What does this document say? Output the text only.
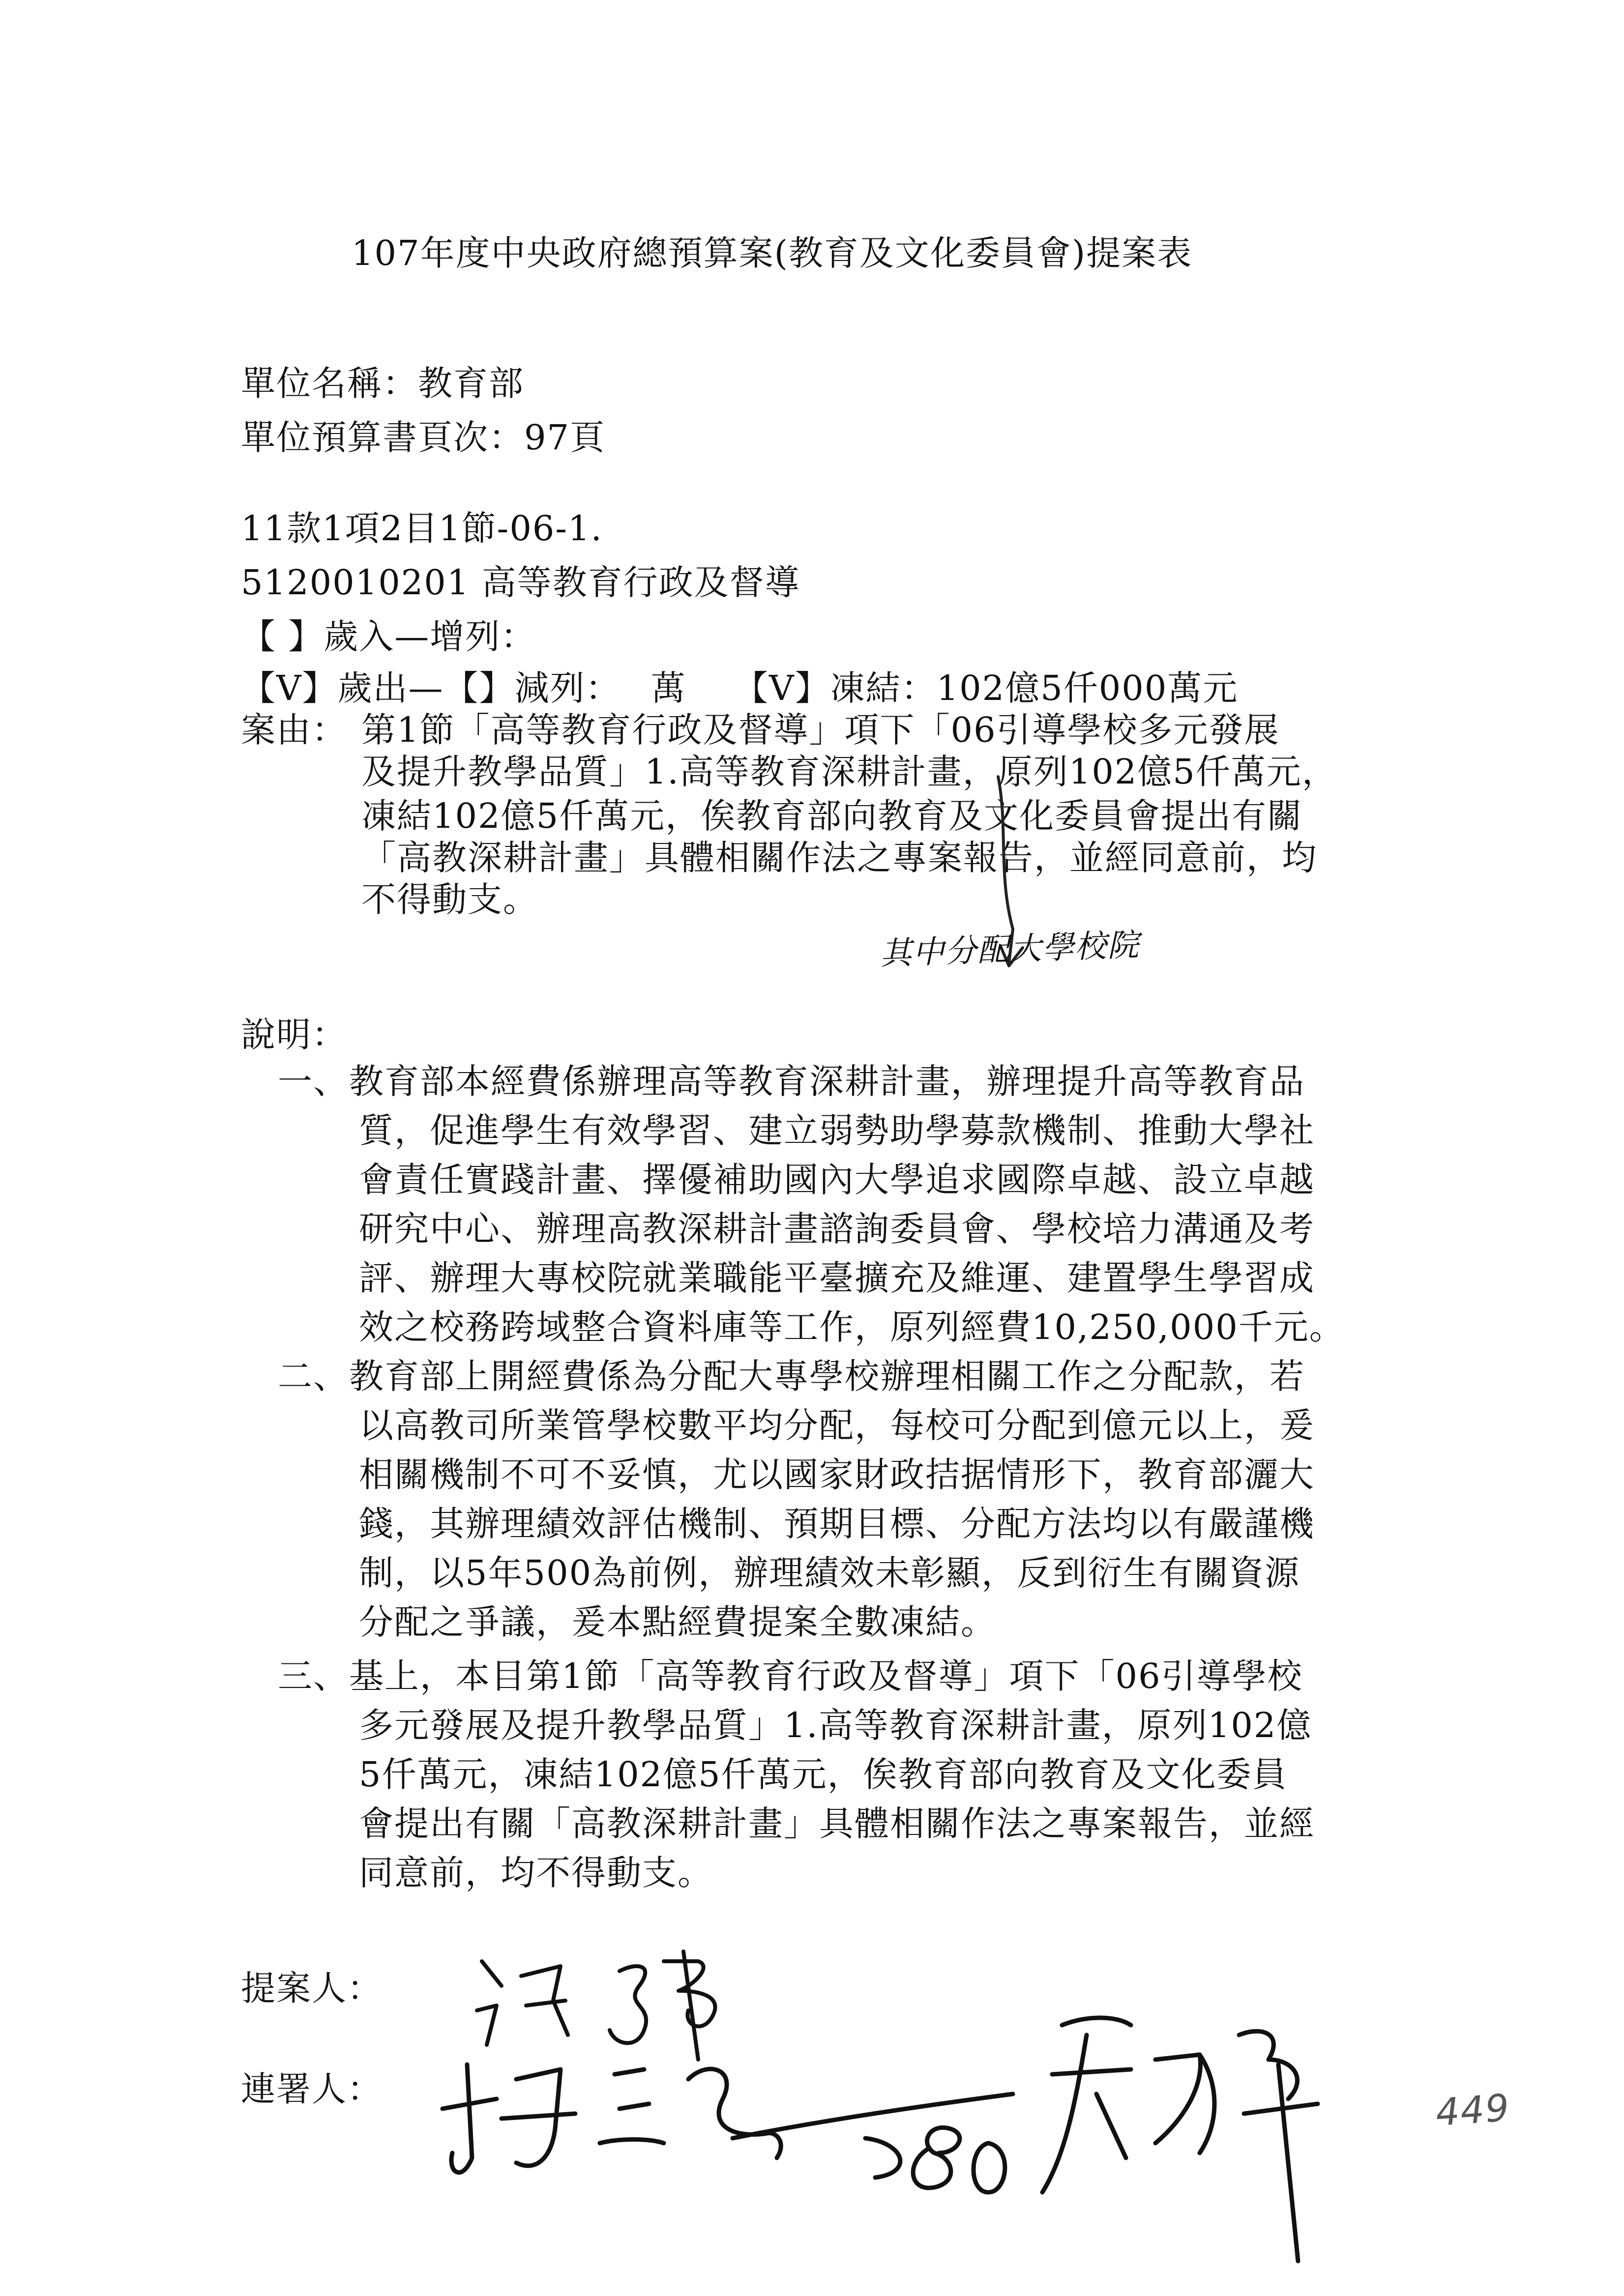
107年度中央政府總預算案(教育及文化委員會)提案表
單位名稱：教育部
單位預算書頁次：97頁
11款1項2目1節-06-1.
5120010201 高等教育行政及督導
【 】歲入—增列：
【V】歲出—【】減列：　 萬　 【V】凍結：102億5仟000萬元
案由： 第1節「高等教育行政及督導」項下「06引導學校多元發展
及提升教學品質」1.高等教育深耕計畫，原列102億5仟萬元，
凍結102億5仟萬元，俟教育部向教育及文化委員會提出有關
「高教深耕計畫」具體相關作法之專案報告，並經同意前，均
不得動支。
其中分配大學校院
說明：
一、 教育部本經費係辦理高等教育深耕計畫，辦理提升高等教育品
質，促進學生有效學習、建立弱勢助學募款機制、推動大學社
會責任實踐計畫、擇優補助國內大學追求國際卓越、設立卓越
研究中心、辦理高教深耕計畫諮詢委員會、學校培力溝通及考
評、辦理大專校院就業職能平臺擴充及維運、建置學生學習成
效之校務跨域整合資料庫等工作，原列經費10,250,000千元。
二、 教育部上開經費係為分配大專學校辦理相關工作之分配款，若
以高教司所業管學校數平均分配，每校可分配到億元以上，爰
相關機制不可不妥慎，尤以國家財政拮据情形下，教育部灑大
錢，其辦理績效評估機制、預期目標、分配方法均以有嚴謹機
制，以5年500為前例，辦理績效未彰顯，反到衍生有關資源
分配之爭議，爰本點經費提案全數凍結。
三、 基上，本目第1節「高等教育行政及督導」項下「06引導學校
多元發展及提升教學品質」1.高等教育深耕計畫，原列102億
5仟萬元，凍結102億5仟萬元，俟教育部向教育及文化委員
會提出有關「高教深耕計畫」具體相關作法之專案報告，並經
同意前，均不得動支。
提案人：
連署人：	449
